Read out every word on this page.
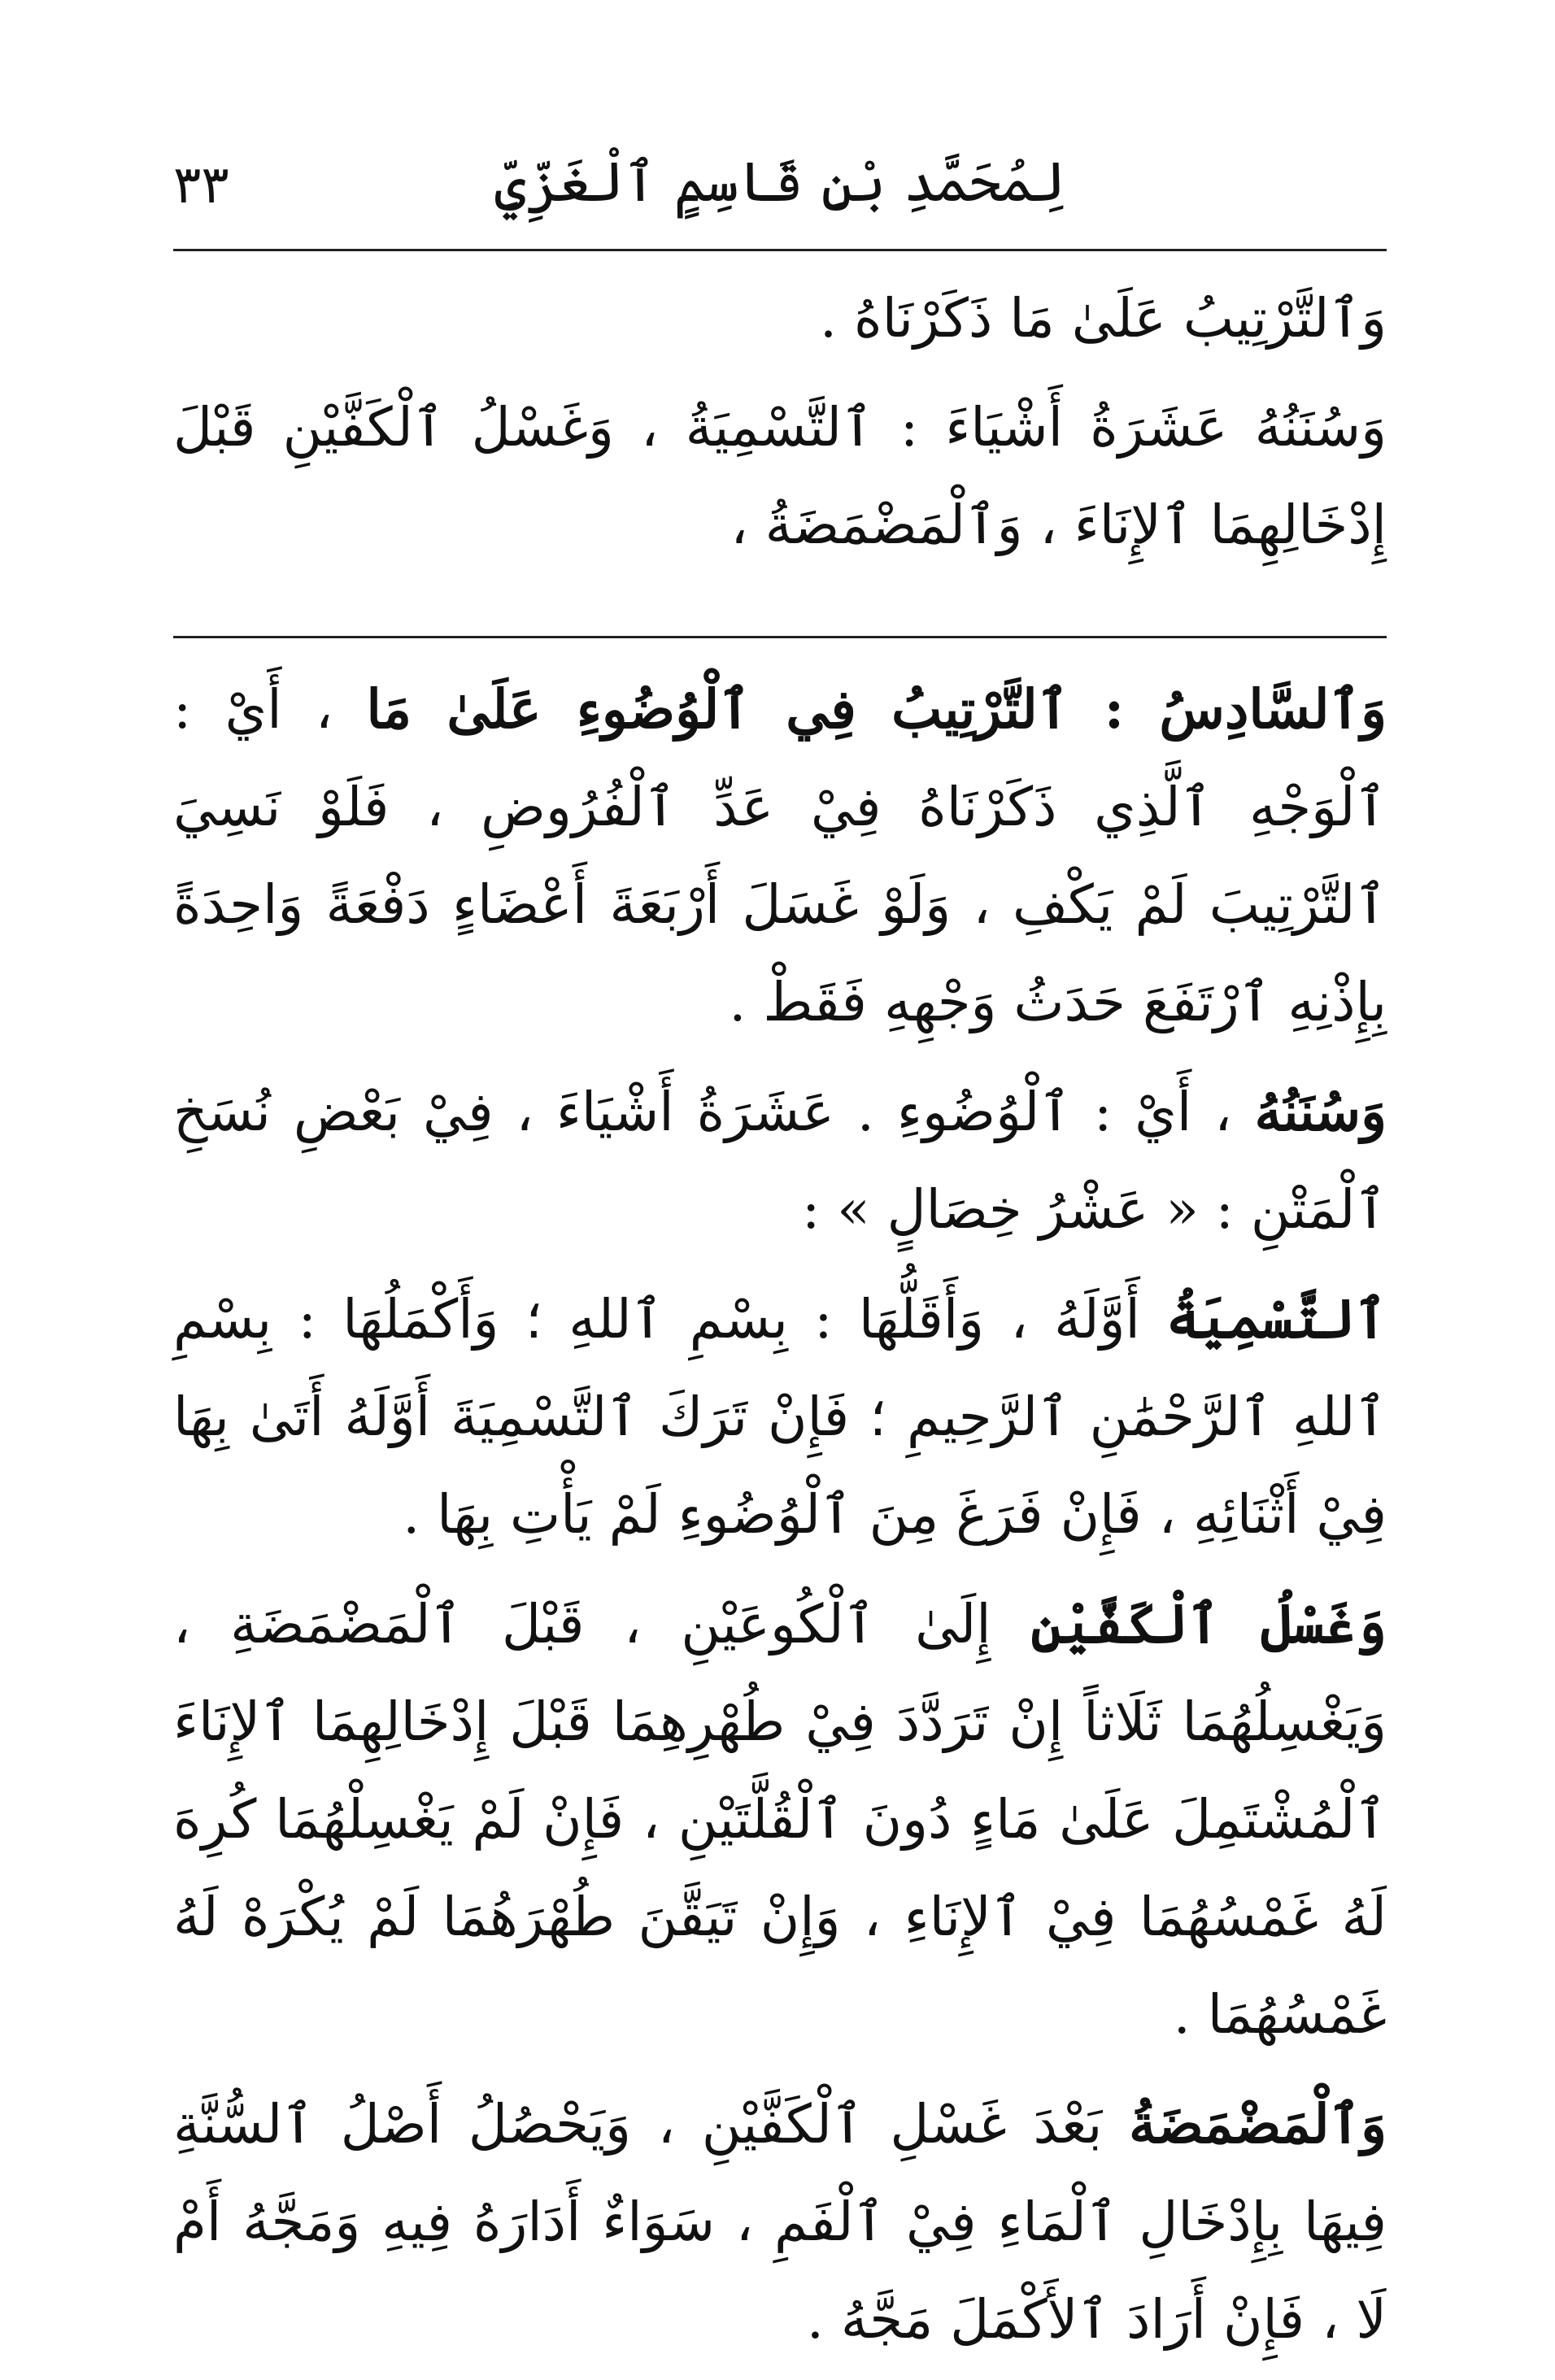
٣٣	لِمُحَمَّدِ بْنِ قَاسِمٍ ٱلْغَزِّيِّ

وَٱلتَّرْتِيبُ عَلَىٰ مَا ذَكَرْنَاهُ .

وَسُنَنُهُ عَشَرَةُ أَشْيَاءَ : ٱلتَّسْمِيَةُ ، وَغَسْلُ ٱلْكَفَّيْنِ قَبْلَ إِدْخَالِهِمَا ٱلإِنَاءَ ، وَٱلْمَضْمَضَةُ ،

وَٱلسَّادِسُ : ٱلتَّرْتِيبُ فِي ٱلْوُضُوءِ عَلَىٰ مَا ، أَيْ : ٱلْوَجْهِ ٱلَّذِي ذَكَرْنَاهُ فِيْ عَدِّ ٱلْفُرُوضِ ، فَلَوْ نَسِيَ ٱلتَّرْتِيبَ لَمْ يَكْفِ ، وَلَوْ غَسَلَ أَرْبَعَةَ أَعْضَاءٍ دَفْعَةً وَاحِدَةً بِإِذْنِهِ ٱرْتَفَعَ حَدَثُ وَجْهِهِ فَقَطْ .

وَسُنَنُهُ ، أَيْ : ٱلْوُضُوءِ . عَشَرَةُ أَشْيَاءَ ، فِيْ بَعْضِ نُسَخِ ٱلْمَتْنِ : « عَشْرُ خِصَالٍ » :

ٱلتَّسْمِيَةُ أَوَّلَهُ ، وَأَقَلُّهَا : بِسْمِ ٱللهِ ؛ وَأَكْمَلُهَا : بِسْمِ ٱللهِ ٱلرَّحْمَٰنِ ٱلرَّحِيمِ ؛ فَإِنْ تَرَكَ ٱلتَّسْمِيَةَ أَوَّلَهُ أَتَىٰ بِهَا فِيْ أَثْنَائِهِ ، فَإِنْ فَرَغَ مِنَ ٱلْوُضُوءِ لَمْ يَأْتِ بِهَا .

وَغَسْلُ ٱلْكَفَّيْنِ إِلَىٰ ٱلْكُوعَيْنِ ، قَبْلَ ٱلْمَضْمَضَةِ ، وَيَغْسِلُهُمَا ثَلَاثاً إِنْ تَرَدَّدَ فِيْ طُهْرِهِمَا قَبْلَ إِدْخَالِهِمَا ٱلإِنَاءَ ٱلْمُشْتَمِلَ عَلَىٰ مَاءٍ دُونَ ٱلْقُلَّتَيْنِ ، فَإِنْ لَمْ يَغْسِلْهُمَا كُرِهَ لَهُ غَمْسُهُمَا فِيْ ٱلإِنَاءِ ، وَإِنْ تَيَقَّنَ طُهْرَهُمَا لَمْ يُكْرَهْ لَهُ غَمْسُهُمَا .

وَٱلْمَضْمَضَةُ بَعْدَ غَسْلِ ٱلْكَفَّيْنِ ، وَيَحْصُلُ أَصْلُ ٱلسُّنَّةِ فِيهَا بِإِدْخَالِ ٱلْمَاءِ فِيْ ٱلْفَمِ ، سَوَاءٌ أَدَارَهُ فِيهِ وَمَجَّهُ أَمْ لَا ، فَإِنْ أَرَادَ ٱلأَكْمَلَ مَجَّهُ .
